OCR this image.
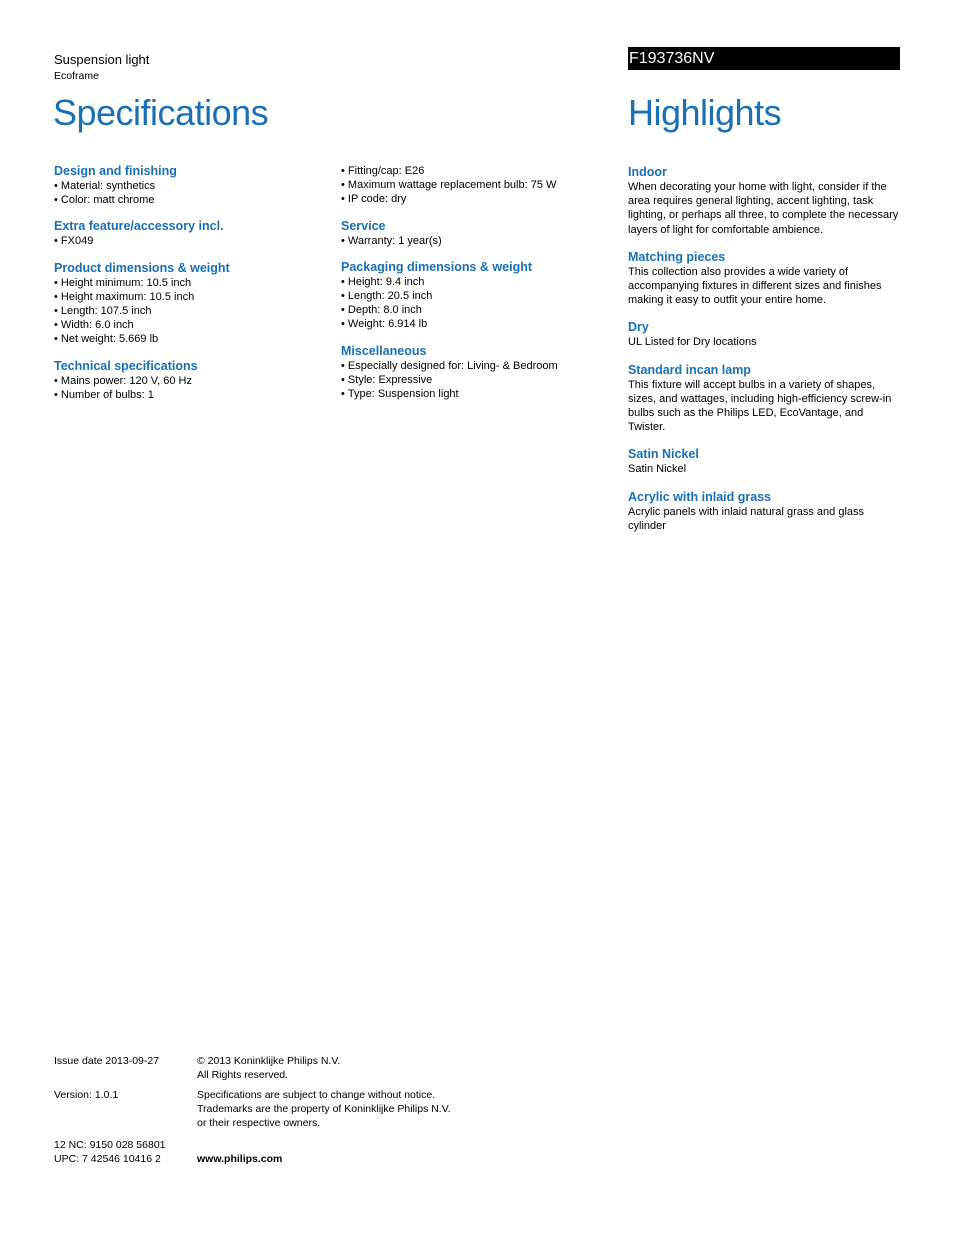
Suspension light
Ecoframe
F193736NV
Specifications	Highlights
Design and finishing
• Material: synthetics
• Color: matt chrome
Extra feature/accessory incl.
• FX049
Product dimensions & weight
• Height minimum: 10.5 inch
• Height maximum: 10.5 inch
• Length: 107.5 inch
• Width: 6.0 inch
• Net weight: 5.669 lb
Technical specifications
• Mains power: 120 V, 60 Hz
• Number of bulbs: 1
• Fitting/cap: E26
• Maximum wattage replacement bulb: 75 W
• IP code: dry
Service
• Warranty: 1 year(s)
Packaging dimensions & weight
• Height: 9.4 inch
• Length: 20.5 inch
• Depth: 8.0 inch
• Weight: 6.914 lb
Miscellaneous
• Especially designed for: Living- & Bedroom
• Style: Expressive
• Type: Suspension light
Indoor

When decorating your home with light, consider if the area requires general lighting, accent lighting, task lighting, or perhaps all three, to complete the necessary layers of light for comfortable ambience.

Matching pieces

This collection also provides a wide variety of accompanying fixtures in different sizes and finishes making it easy to outfit your entire home.

Dry

UL Listed for Dry locations

Standard incan lamp

This fixture will accept bulbs in a variety of shapes, sizes, and wattages, including high-efficiency screw-in bulbs such as the Philips LED, EcoVantage, and Twister.

Satin Nickel

Satin Nickel

Acrylic with inlaid grass

Acrylic panels with inlaid natural grass and glass cylinder

Issue date 2013-09-27	© 2013 Koninklijke Philips N.V.
All Rights reserved.
Version: 1.0.1	Specifications are subject to change without notice.
Trademarks are the property of Koninklijke Philips N.V.
or their respective owners.
12 NC: 9150 028 56801
UPC: 7 42546 10416 2	www.philips.com
